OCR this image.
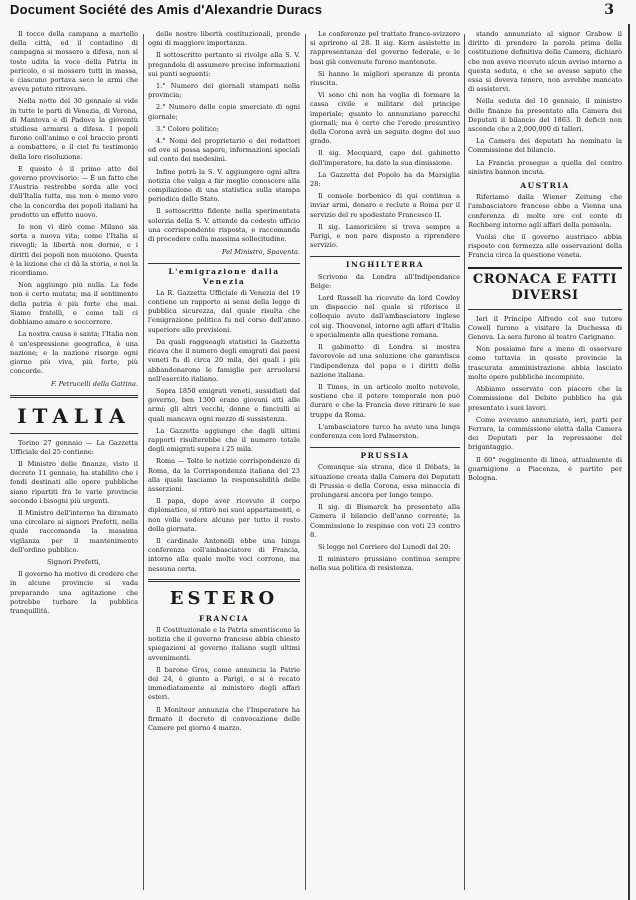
Document Société des Amis d'Alexandrie Duracs	3

Il tocco della campana a martello della città, ed il contadino di campagna si mossero a difesa, non sì tosto udita la voce della Patria in pericolo, e si mossero tutti in massa, e ciascuno portava seco le armi che aveva potuto ritrovare.

Nella notte del 30 gennaio si vide in tutte le parti di Venezia, di Verona, di Mantova e di Padova la gioventù studiosa armarsi a difesa. I popoli furono coll'animo e col braccio pronti a combattere, e il ciel fu testimonio della loro risoluzione.

E questo è il primo atto del governo provvisorio: — È un fatto che l'Austria restrebbe sorda alle voci dell'Italia tutta, ma non è meno vero che la concordia dei popoli italiani ha prodotto un effetto nuovo.

Io non vi dirò come Milano sia sorta a nuova vita; come l'Italia si risvegli; la libertà non dorme, e i diritti dei popoli non muoiono. Questa è la lezione che ci dà la storia, e noi la ricordiamo.

Non aggiungo più nulla. La fede non è certo mutata; ma il sentimento della patria è più forte che mai. Siamo fratelli, e come tali ci dobbiamo amare e soccorrere.

La nostra causa è santa; l'Italia non è un'espressione geografica, è una nazione; e la nazione risorge ogni giorno più viva, più forte, più concorde.

F. Petrucelli della Gattina.
ITALIA

Torino 27 gennaio — La Gazzetta Ufficiale del 25 contiene:

Il Ministro delle finanze, visto il decreto 11 gennaio, ha stabilito che i fondi destinati alle opere pubbliche siano ripartiti fra le varie provincie secondo i bisogni più urgenti.

Il Ministro dell'interno ha diramato una circolare ai signori Prefetti, nella quale raccomanda la massima vigilanza per il mantenimento dell'ordine pubblico.

Signori Prefetti,

Il governo ha motivo di credere che in alcune provincie si vada preparando una agitazione che potrebbe turbare la pubblica tranquillità.

delle nostre libertà costituzionali, prende ogni di maggiore importanza.

Il sottoscritto pertanto si rivolge alla S. V. pregandola di assumere precise informazioni sui punti seguenti:

1.° Numero dei giornali stampati nella provincia;

2.° Numero delle copie smerciate di ogni giornale;

3.° Colore politico;

4.° Nomi del proprietario e dei redattori ed ove si possa sapere, informazioni speciali sul conto dei medesimi.

Infine potrà la S. V. aggiungere ogni altra notizia che valga a far meglio conoscere alla compilazione di una statistica sulla stampa periodica dello Stato.

Il sottoscritto fidente nella sperimentata solerzia della S. V. attende da codesto ufficio una corrispondente risposta, e raccomanda di procedere colla massima sollecitudine.

Pel Ministro, Spaventa.
L'emigrazione dalla Venezia

La R. Gazzetta Ufficiale di Venezia del 19 contiene un rapporto ai sensi della legge di pubblica sicurezza, dal quale risulta che l'emigrazione politica fu nel corso dell'anno superiore alle previsioni.

Da quali raggueagli statistici la Gazzetta ricava che il numero degli emigrati dai paesi veneti fu di circa 20 mila, dei quali i più abbandonarono le famiglie per arruolarsi nell'esercito italiano.

Sopra 1850 emigrati veneti, sussidiati dal governo, ben 1300 erano giovani atti alle armi; gli altri vecchi, donne e fanciulli ai quali mancava ogni mezzo di sussistenza.

La Gazzetta aggiunge che dagli ultimi rapporti risulterebbe che il numero totale degli emigrati supera i 25 mila.

Roma — Tolte le notizie corrispondenze di Roma, da la Corrispondenza italiana del 23 alla quale lasciamo la responsabilità delle asserzioni.

Il papa, dopo aver ricevuto il corpo diplomatico, si ritirò nei suoi appartamenti, e non volle vedere alcuno per tutto il resto della giornata.

Il cardinale Antonelli ebbe una lunga conferenza coll'ambasciatore di Francia, intorno alla quale molte voci corrono, ma nessuna certa.

ESTERO
FRANCIA

Il Costituzionale e la Patria smentiscono la notizia che il governo francese abbia chiesto spiegazioni al governo italiano sugli ultimi avvenimenti.

Il barone Gros, come annuncia la Patrie del 24, è giunto a Parigi, e si è recato immediatamente al ministero degli affari esteri.

Il Moniteur annunzia che l'Imperatore ha firmato il decreto di convocazione delle Camere pel giorno 4 marzo.

Le conferenze pel trattato franco-svizzero si aprirono al 28. Il sig. Kern assistette in rappresentanza del governo federale, e le basi già convenute furono mantenute.

Si hanno le migliori speranze di pronta riuscita.

Vi sono chi non ha voglia di formare la cassa civile e militare del principe imperiale; quanto lo annunziano parecchi giornali; ma è certo che l'erede presuntivo della Corona avrà un seguito degno del suo grado.

Il sig. Mocquard, capo del gabinetto dell'imperatore, ha dato la sua dimissione.

La Gazzetta del Popolo ha da Marsiglia 28:

Il console borbonico di qui continua a inviar armi, denaro e reclute a Roma per il servizio del re spodestato Francesco II.

Il sig. Lamoricière si trova sempre a Parigi, e non pare disposto a riprendere servizio.

INGHILTERRA

Scrivono da Londra all'Indipendance Belge:

Lord Russell ha ricevuto da lord Cowley un dispaccio nel quale si riferisce il colloquio avuto dall'ambasciatore inglese col sig. Thouvenel, intorno agli affari d'Italia e specialmente alla questione romana.

Il gabinetto di Londra si mostra favorevole ad una soluzione che garantisca l'indipendenza del papa e i diritti della nazione italiana.

Il Times, in un articolo molto notevole, sostiene che il potere temporale non può durare e che la Francia deve ritirare le sue truppe da Roma.

L'ambasciatore turco ha avuto una lunga conferenza con lord Palmerston.

PRUSSIA

Comunque sia strana, dice il Débats, la situazione creata dalla Camera dei Deputati di Prussia e della Corona, essa minaccia di prolungarsi ancora per lungo tempo.

Il sig. di Bismarck ha presentato alla Camera il bilancio dell'anno corrente; la Commissione lo respinse con voti 23 contro 8.

Si legge nel Corriere del Lunedì del 20:

Il ministero prussiano continua sempre nella sua politica di resistenza.

stando annunziato al signor Grabow il diritto di prendere la parola prima della costituzione definitiva della Camera, dichiarò che non aveva ricevuto alcun avviso intorno a questa seduta, e che se avesse saputo che essa si doveva tenere, non avrebbe mancato di assistervi.

Nella seduta del 10 gennaio, il ministro delle finanze ha presentato alla Camera dei Deputati il bilancio del 1863. Il deficit non ascende che a 2,000,000 di talleri.

La Camera dei deputati ha nominato la Commissione del bilancio.

La Francia prosegue a quella del centro sinistra bannon incuta.

AUSTRIA

Riferiamo dalla Wiener Zeitung che l'ambasciatore francese ebbe a Vienna una conferenza di molte ore col conte di Rechberg intorno agli affari della penisola.

Vuolsi che il governo austriaco abbia risposto con fermezza alle osservazioni della Francia circa la questione veneta.

CRONACA E FATTI DIVERSI

Ieri il Principe Alfredo col suo tutore Cowell furono a visitare la Duchessa di Genova. La sera furono al teatro Carignano.

Non possiamo fare a meno di osservare come tuttavia in queste provincie la trascurata amministrazione abbia lasciato molte opere pubbliche incompiute.

Abbiamo osservato con piacere che la Commissione del Debito pubblico ha già presentato i suoi lavori.

Come avevamo annunziato, ieri, parti per Ferrara, la commissione eletta dalla Camera dei Deputati per la repressione del brigantaggio.

Il 60° reggimento di linea, attualmente di guarnigione a Piacenza, è partito per Bologna.
